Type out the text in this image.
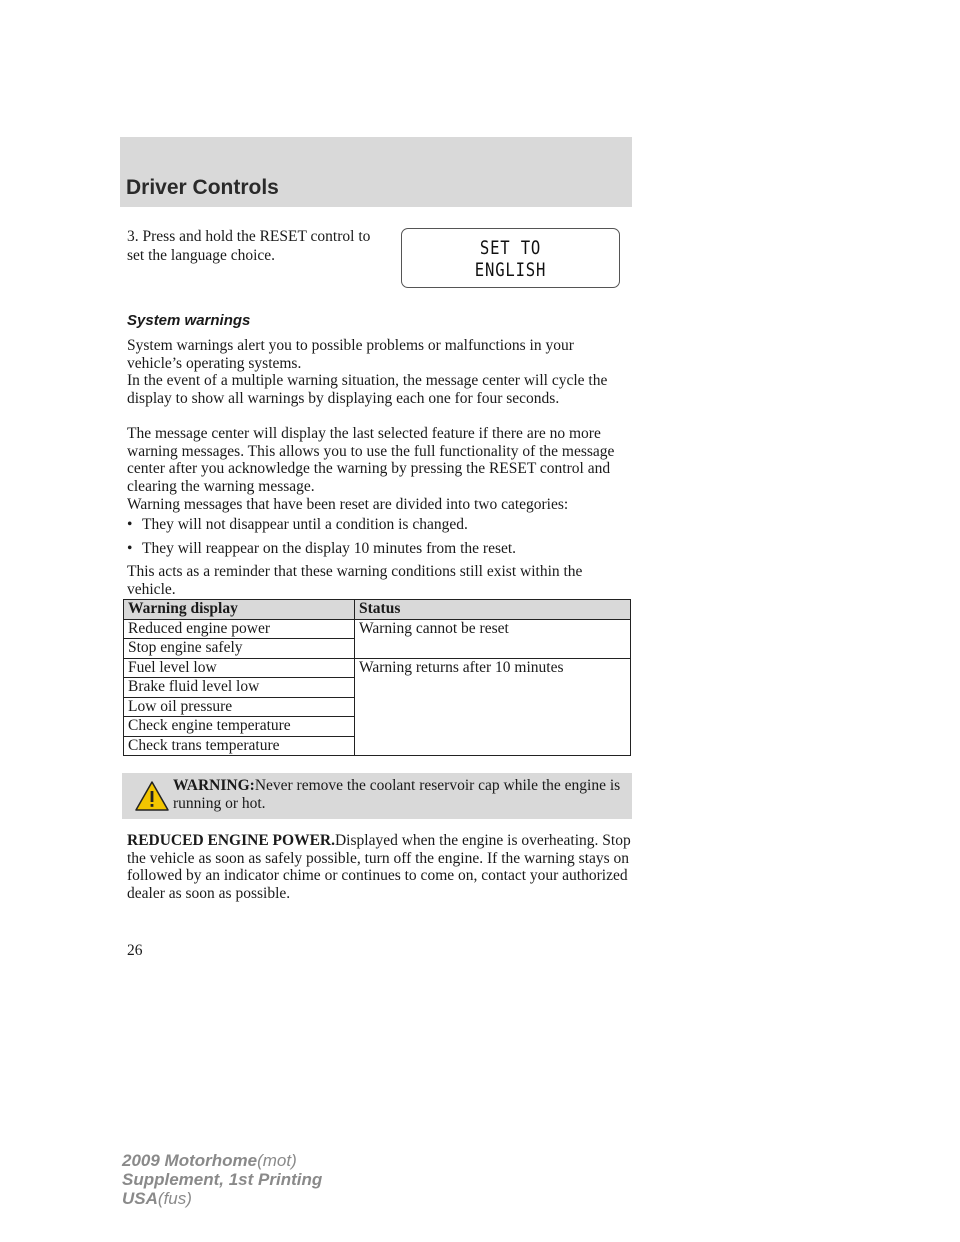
Driver Controls

3. Press and hold the RESET control to set the language choice.	SET TO
ENGLISH
System warnings

System warnings alert you to possible problems or malfunctions in your vehicle’s operating systems.

In the event of a multiple warning situation, the message center will cycle the display to show all warnings by displaying each one for four seconds.

The message center will display the last selected feature if there are no more warning messages. This allows you to use the full functionality of the message center after you acknowledge the warning by pressing the RESET control and clearing the warning message.

Warning messages that have been reset are divided into two categories:

• They will not disappear until a condition is changed.
• They will reappear on the display 10 minutes from the reset.

This acts as a reminder that these warning conditions still exist within the vehicle.

Warning display	Status
Reduced engine power	Warning cannot be reset
Stop engine safely	
Fuel level low	Warning returns after 10 minutes
Brake fluid level low	
Low oil pressure	
Check engine temperature	
Check trans temperature	
WARNING:Never remove the coolant reservoir cap while the engine is running or hot.

REDUCED ENGINE POWER.Displayed when the engine is overheating. Stop the vehicle as soon as safely possible, turn off the engine. If the warning stays on followed by an indicator chime or continues to come on, contact your authorized dealer as soon as possible.

26
2009 Motorhome(mot)
Supplement, 1st Printing
USA(fus)
